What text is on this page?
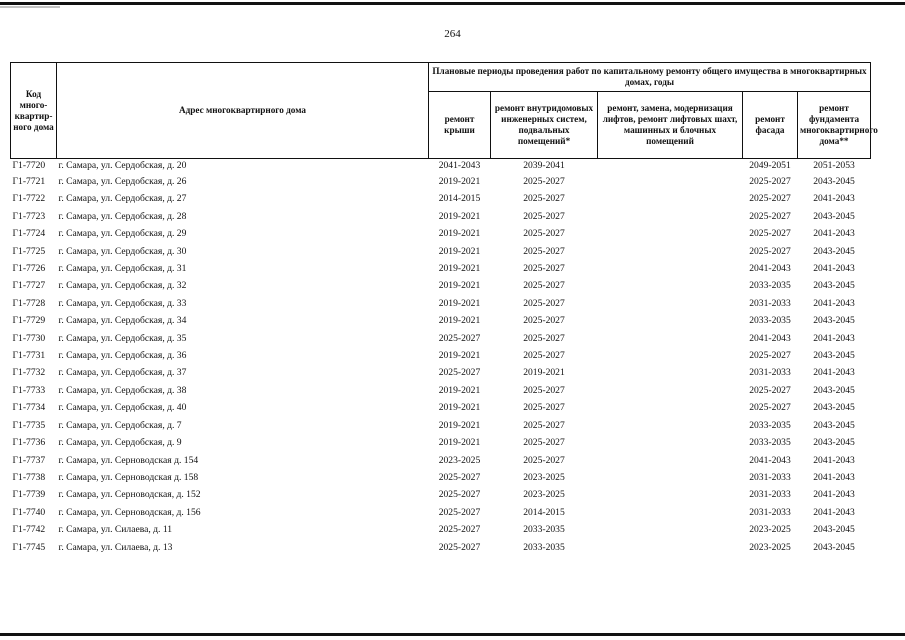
264
Код много-квартир-ного дома	Адрес многоквартирного дома	Плановые периоды проведения работ по капитальному ремонту общего имущества в многоквартирных домах, годы				
		ремонт крыши	ремонт внутридомовых инженерных систем, подвальных помещений*	ремонт, замена, модернизация лифтов, ремонт лифтовых шахт, машинных и блочных помещений	ремонт фасада	ремонт фундамента многоквартирного дома**
Г1-7720	г. Самара, ул. Сердобская, д. 20	2041-2043	2039-2041		2049-2051	2051-2053
Г1-7721	г. Самара, ул. Сердобская, д. 26	2019-2021	2025-2027		2025-2027	2043-2045
Г1-7722	г. Самара, ул. Сердобская, д. 27	2014-2015	2025-2027		2025-2027	2041-2043
Г1-7723	г. Самара, ул. Сердобская, д. 28	2019-2021	2025-2027		2025-2027	2043-2045
Г1-7724	г. Самара, ул. Сердобская, д. 29	2019-2021	2025-2027		2025-2027	2041-2043
Г1-7725	г. Самара, ул. Сердобская, д. 30	2019-2021	2025-2027		2025-2027	2043-2045
Г1-7726	г. Самара, ул. Сердобская, д. 31	2019-2021	2025-2027		2041-2043	2041-2043
Г1-7727	г. Самара, ул. Сердобская, д. 32	2019-2021	2025-2027		2033-2035	2043-2045
Г1-7728	г. Самара, ул. Сердобская, д. 33	2019-2021	2025-2027		2031-2033	2041-2043
Г1-7729	г. Самара, ул. Сердобская, д. 34	2019-2021	2025-2027		2033-2035	2043-2045
Г1-7730	г. Самара, ул. Сердобская, д. 35	2025-2027	2025-2027		2041-2043	2041-2043
Г1-7731	г. Самара, ул. Сердобская, д. 36	2019-2021	2025-2027		2025-2027	2043-2045
Г1-7732	г. Самара, ул. Сердобская, д. 37	2025-2027	2019-2021		2031-2033	2041-2043
Г1-7733	г. Самара, ул. Сердобская, д. 38	2019-2021	2025-2027		2025-2027	2043-2045
Г1-7734	г. Самара, ул. Сердобская, д. 40	2019-2021	2025-2027		2025-2027	2043-2045
Г1-7735	г. Самара, ул. Сердобская, д. 7	2019-2021	2025-2027		2033-2035	2043-2045
Г1-7736	г. Самара, ул. Сердобская, д. 9	2019-2021	2025-2027		2033-2035	2043-2045
Г1-7737	г. Самара, ул. Серноводская д. 154	2023-2025	2025-2027		2041-2043	2041-2043
Г1-7738	г. Самара, ул. Серноводская д. 158	2025-2027	2023-2025		2031-2033	2041-2043
Г1-7739	г. Самара, ул. Серноводская, д. 152	2025-2027	2023-2025		2031-2033	2041-2043
Г1-7740	г. Самара, ул. Серноводская, д. 156	2025-2027	2014-2015		2031-2033	2041-2043
Г1-7742	г. Самара, ул. Силаева, д. 11	2025-2027	2033-2035		2023-2025	2043-2045
Г1-7745	г. Самара, ул. Силаева, д. 13	2025-2027	2033-2035		2023-2025	2043-2045
